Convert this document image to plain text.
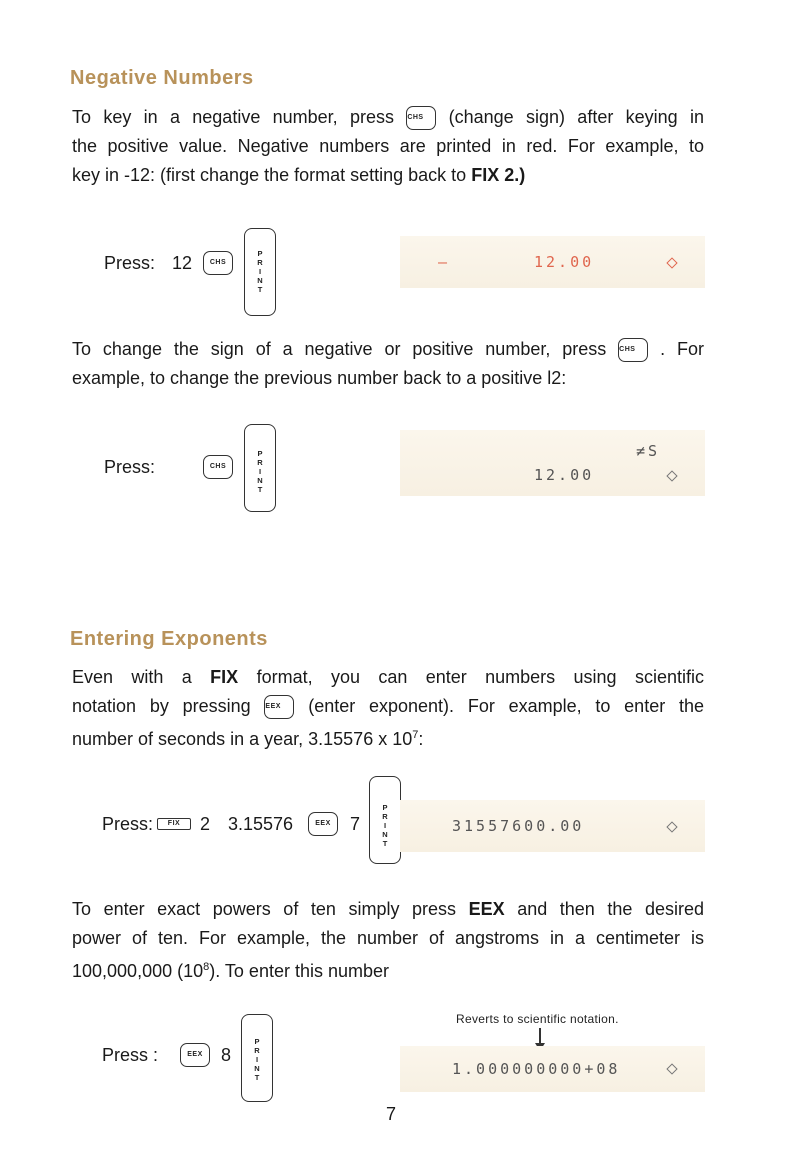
Negative Numbers
To key in a negative number, press CHS (change sign) after keying in
the positive value. Negative numbers are printed in red. For example, to
key in -12: (first change the format setting back to FIX 2.)
Press: 12	CHS
P
R
I
N
T
—	12.00
To change the sign of a negative or positive number, press CHS . For
example, to change the previous number back to a positive l2:
Press:	CHS
P
R
I
N
T
≠S
12.00
Entering Exponents
Even with a FIX format, you can enter numbers using scientific
notation by pressing EEX (enter exponent). For example, to enter the
number of seconds in a year, 3.15576 x $10^7$:
Press:	FIX	2 3.15576	EEX	7
P
R
I
N
T
31557600.00
To enter exact powers of ten simply press EEX and then the desired
power of ten. For example, the number of angstroms in a centimeter is
100,000,000 $(10^8)$. To enter this number
Press :	EEX	8
P
R
I
N
T
Reverts to scientific notation.
1.000000000+08
7
